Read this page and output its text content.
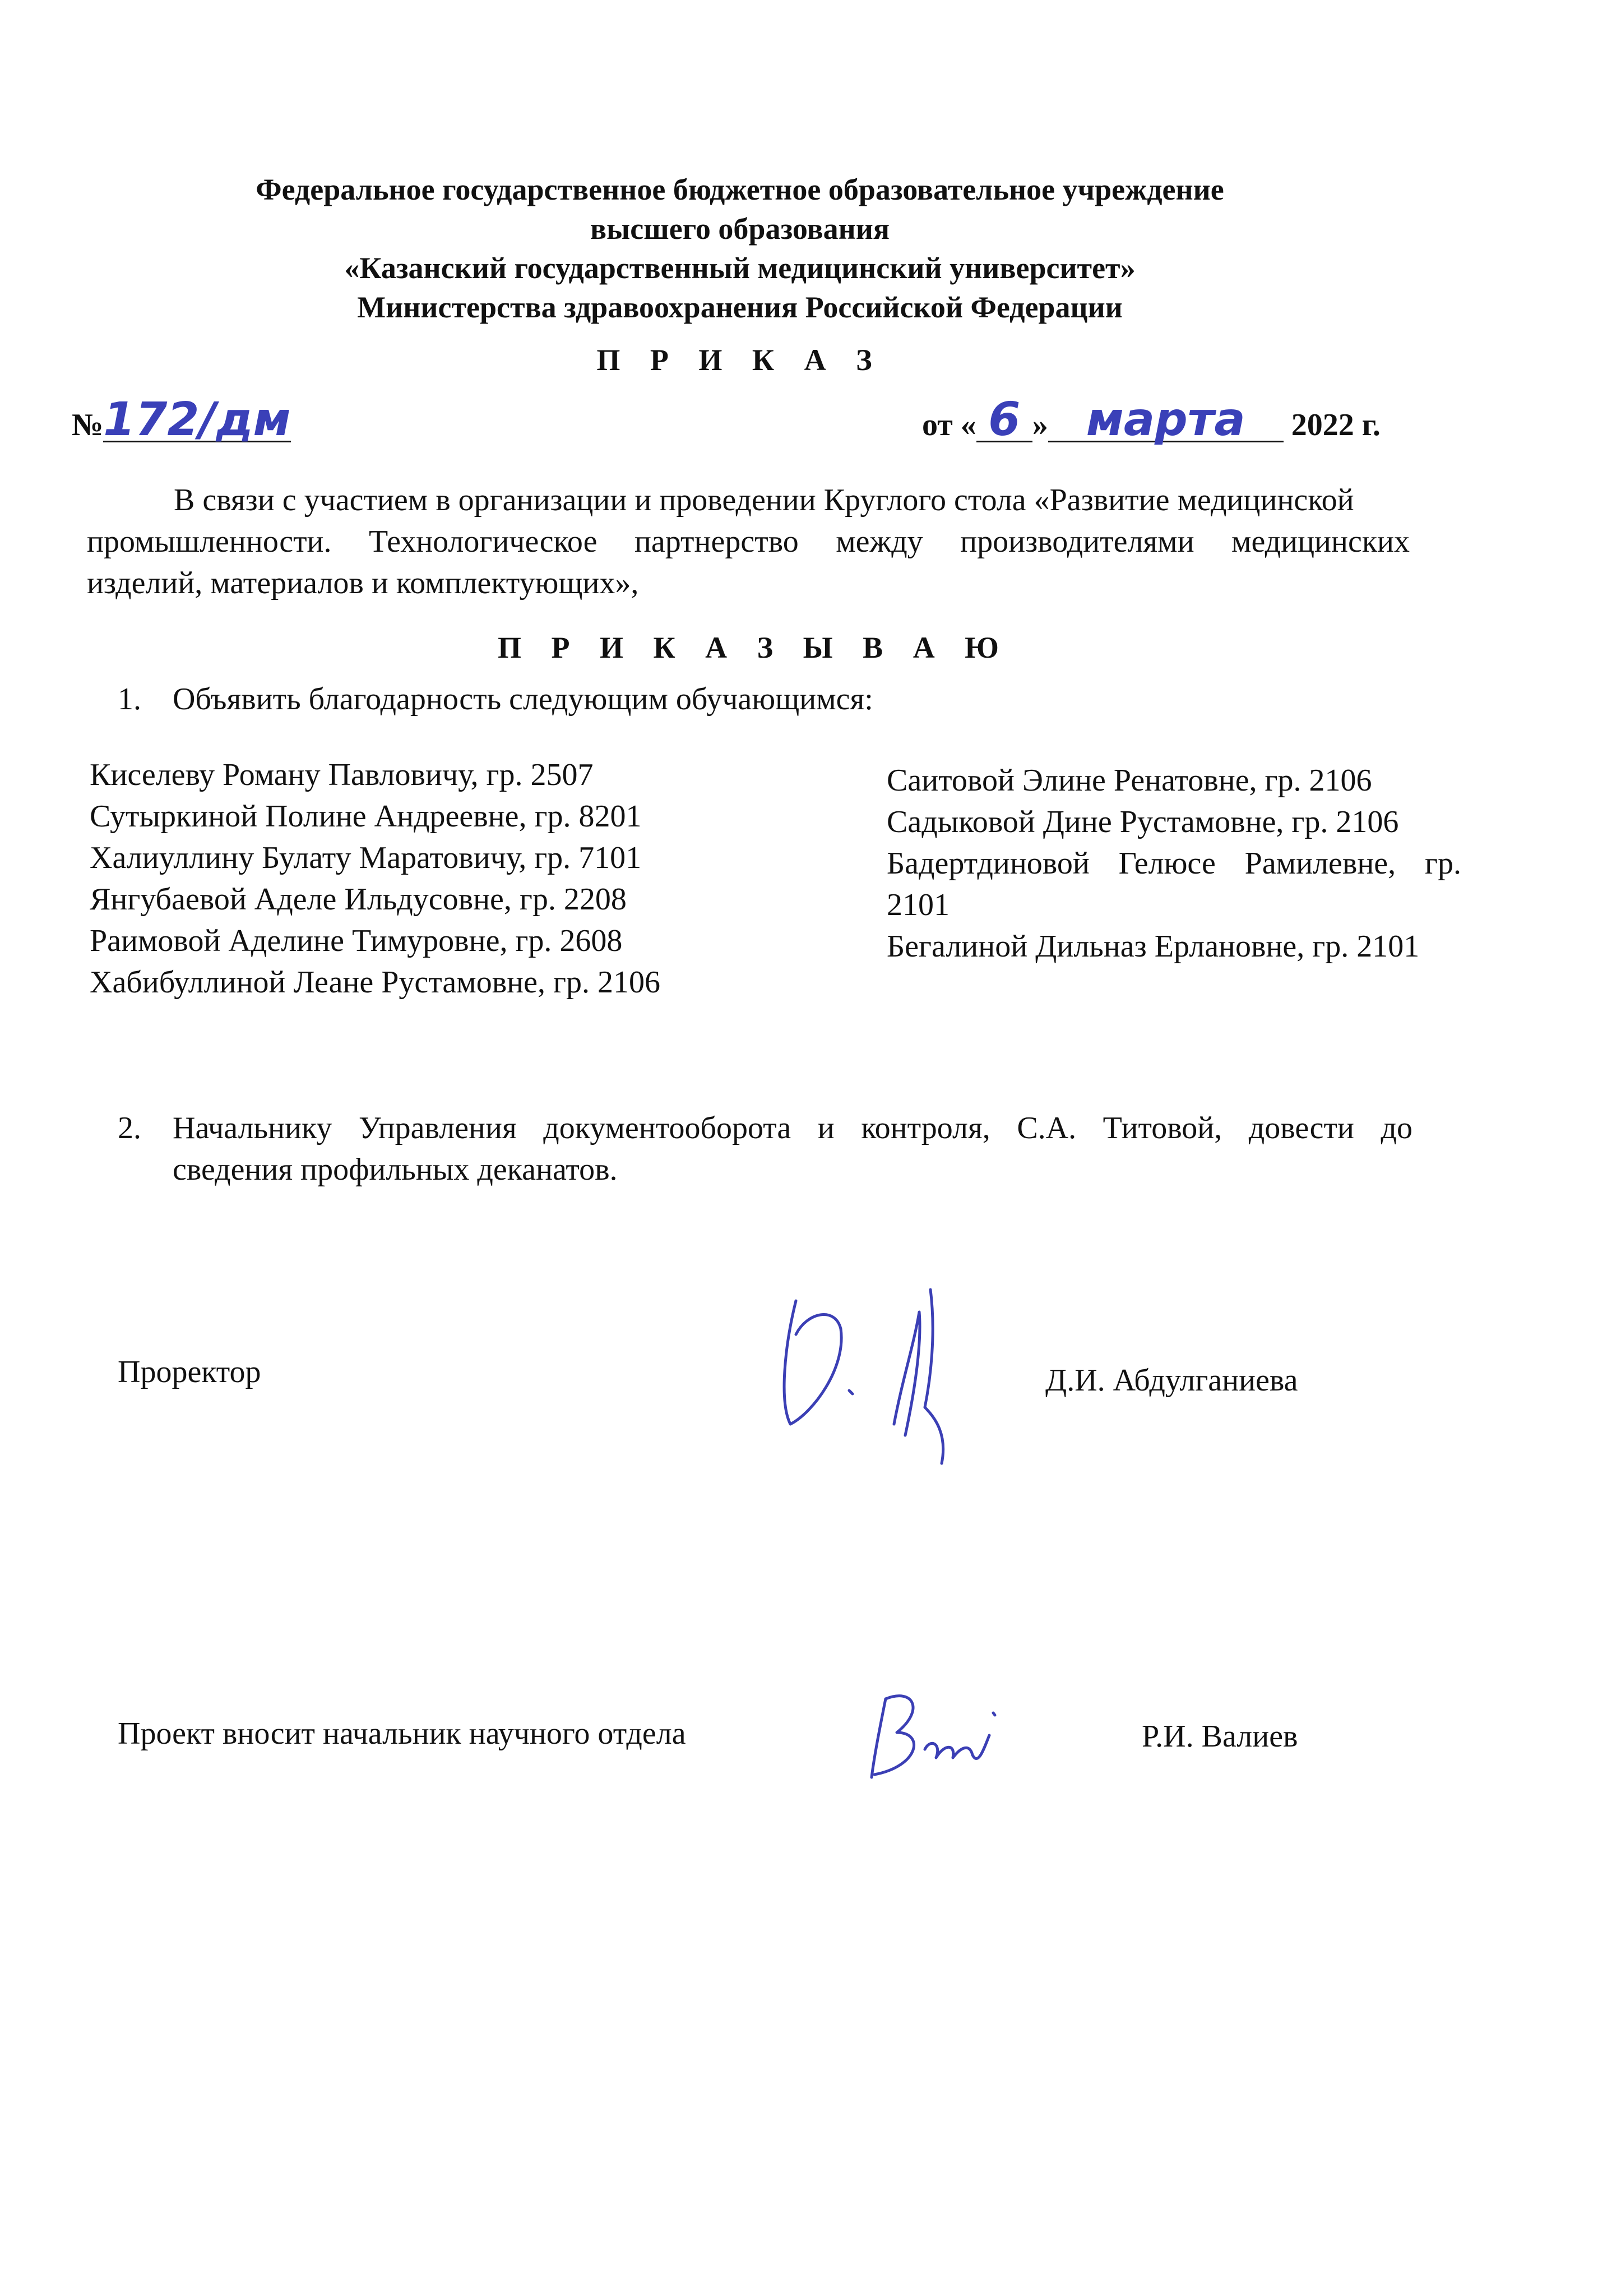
Федеральное государственное бюджетное образовательное учреждение
высшего образования
«Казанский государственный медицинский университет»
Министерства здравоохранения Российской Федерации
П Р И К А З
№172/дм	от « 6 » марта 2022 г.
В связи с участием в организации и проведении Круглого стола «Развитие медицинской
промышленности. Технологическое партнерство между производителями медицинских
изделий, материалов и комплектующих»,
П Р И К А З Ы В А Ю
1. Объявить благодарность следующим обучающимся:
Киселеву Роману Павловичу, гр. 2507
Сутыркиной Полине Андреевне, гр. 8201
Халиуллину Булату Маратовичу, гр. 7101
Янгубаевой Аделе Ильдусовне, гр. 2208
Раимовой Аделине Тимуровне, гр. 2608
Хабибуллиной Леане Рустамовне, гр. 2106
Саитовой Элине Ренатовне, гр. 2106
Садыковой Дине Рустамовне, гр. 2106
Бадертдиновой Гелюсе Рамилевне, гр.
2101
Бегалиной Дильназ Ерлановне, гр. 2101
2. Начальнику Управления документооборота и контроля, С.А. Титовой, довести до
сведения профильных деканатов.
Проректор	Д.И. Абдулганиева
Проект вносит начальник научного отдела	Р.И. Валиев
